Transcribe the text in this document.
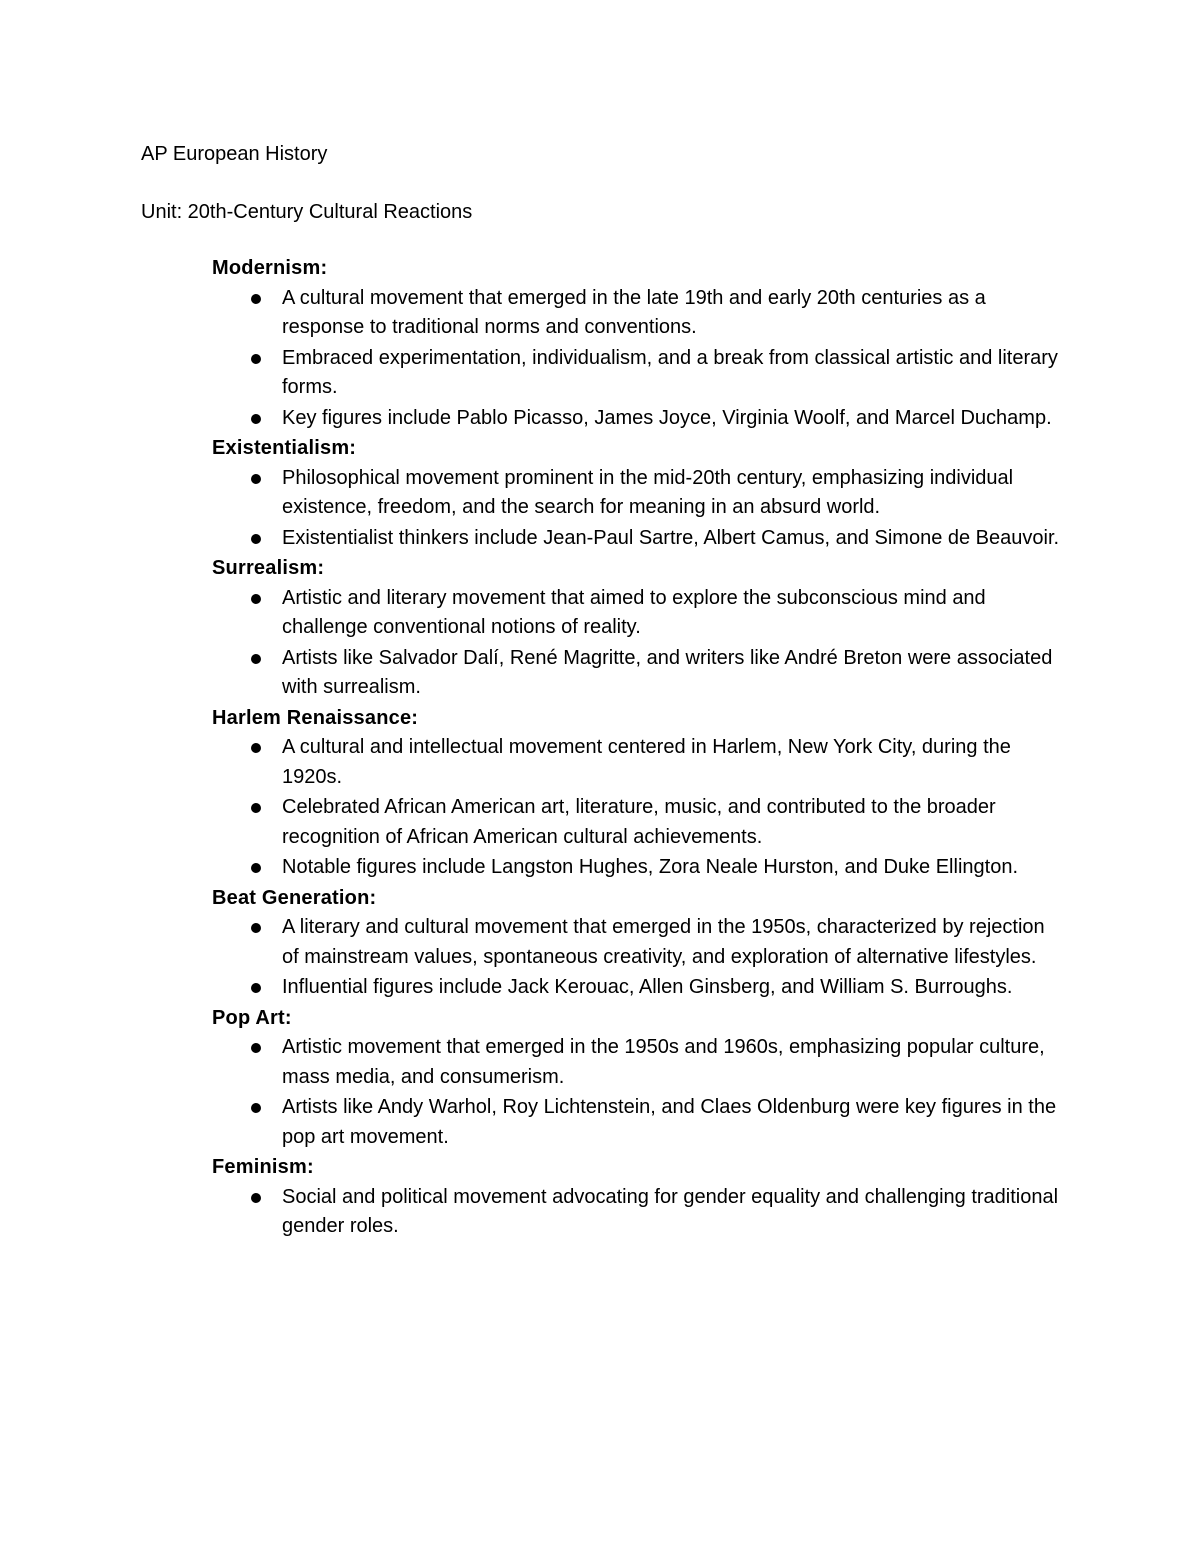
AP European History
Unit: 20th-Century Cultural Reactions
Modernism:
A cultural movement that emerged in the late 19th and early 20th centuries as a response to traditional norms and conventions.
Embraced experimentation, individualism, and a break from classical artistic and literary forms.
Key figures include Pablo Picasso, James Joyce, Virginia Woolf, and Marcel Duchamp.
Existentialism:
Philosophical movement prominent in the mid-20th century, emphasizing individual existence, freedom, and the search for meaning in an absurd world.
Existentialist thinkers include Jean-Paul Sartre, Albert Camus, and Simone de Beauvoir.
Surrealism:
Artistic and literary movement that aimed to explore the subconscious mind and challenge conventional notions of reality.
Artists like Salvador Dalí, René Magritte, and writers like André Breton were associated with surrealism.
Harlem Renaissance:
A cultural and intellectual movement centered in Harlem, New York City, during the 1920s.
Celebrated African American art, literature, music, and contributed to the broader recognition of African American cultural achievements.
Notable figures include Langston Hughes, Zora Neale Hurston, and Duke Ellington.
Beat Generation:
A literary and cultural movement that emerged in the 1950s, characterized by rejection of mainstream values, spontaneous creativity, and exploration of alternative lifestyles.
Influential figures include Jack Kerouac, Allen Ginsberg, and William S. Burroughs.
Pop Art:
Artistic movement that emerged in the 1950s and 1960s, emphasizing popular culture, mass media, and consumerism.
Artists like Andy Warhol, Roy Lichtenstein, and Claes Oldenburg were key figures in the pop art movement.
Feminism:
Social and political movement advocating for gender equality and challenging traditional gender roles.
